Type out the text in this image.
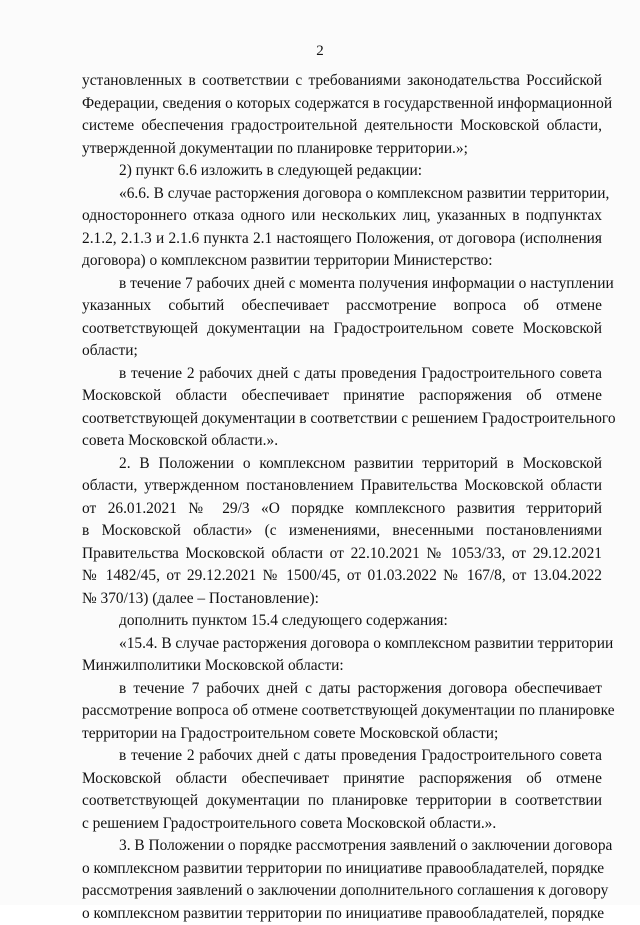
2
установленных в соответствии с требованиями законодательства Российской
Федерации, сведения о которых содержатся в государственной информационной
системе обеспечения градостроительной деятельности Московской области,
утвержденной документации по планировке территории.»;
2) пункт 6.6 изложить в следующей редакции:
«6.6. В случае расторжения договора о комплексном развитии территории,
одностороннего отказа одного или нескольких лиц, указанных в подпунктах
2.1.2, 2.1.3 и 2.1.6 пункта 2.1 настоящего Положения, от договора (исполнения
договора) о комплексном развитии территории Министерство:
в течение 7 рабочих дней с момента получения информации о наступлении
указанных событий обеспечивает рассмотрение вопроса об отмене
соответствующей документации на Градостроительном совете Московской
области;
в течение 2 рабочих дней с даты проведения Градостроительного совета
Московской области обеспечивает принятие распоряжения об отмене
соответствующей документации в соответствии с решением Градостроительного
совета Московской области.».
2. В Положении о комплексном развитии территорий в Московской
области, утвержденном постановлением Правительства Московской области
от 26.01.2021 № 29/3 «О порядке комплексного развития территорий
в Московской области» (с изменениями, внесенными постановлениями
Правительства Московской области от 22.10.2021 № 1053/33, от 29.12.2021
№ 1482/45, от 29.12.2021 № 1500/45, от 01.03.2022 № 167/8, от 13.04.2022
№ 370/13) (далее – Постановление):
дополнить пунктом 15.4 следующего содержания:
«15.4. В случае расторжения договора о комплексном развитии территории
Минжилполитики Московской области:
в течение 7 рабочих дней с даты расторжения договора обеспечивает
рассмотрение вопроса об отмене соответствующей документации по планировке
территории на Градостроительном совете Московской области;
в течение 2 рабочих дней с даты проведения Градостроительного совета
Московской области обеспечивает принятие распоряжения об отмене
соответствующей документации по планировке территории в соответствии
с решением Градостроительного совета Московской области.».
3. В Положении о порядке рассмотрения заявлений о заключении договора
о комплексном развитии территории по инициативе правообладателей, порядке
рассмотрения заявлений о заключении дополнительного соглашения к договору
о комплексном развитии территории по инициативе правообладателей, порядке
